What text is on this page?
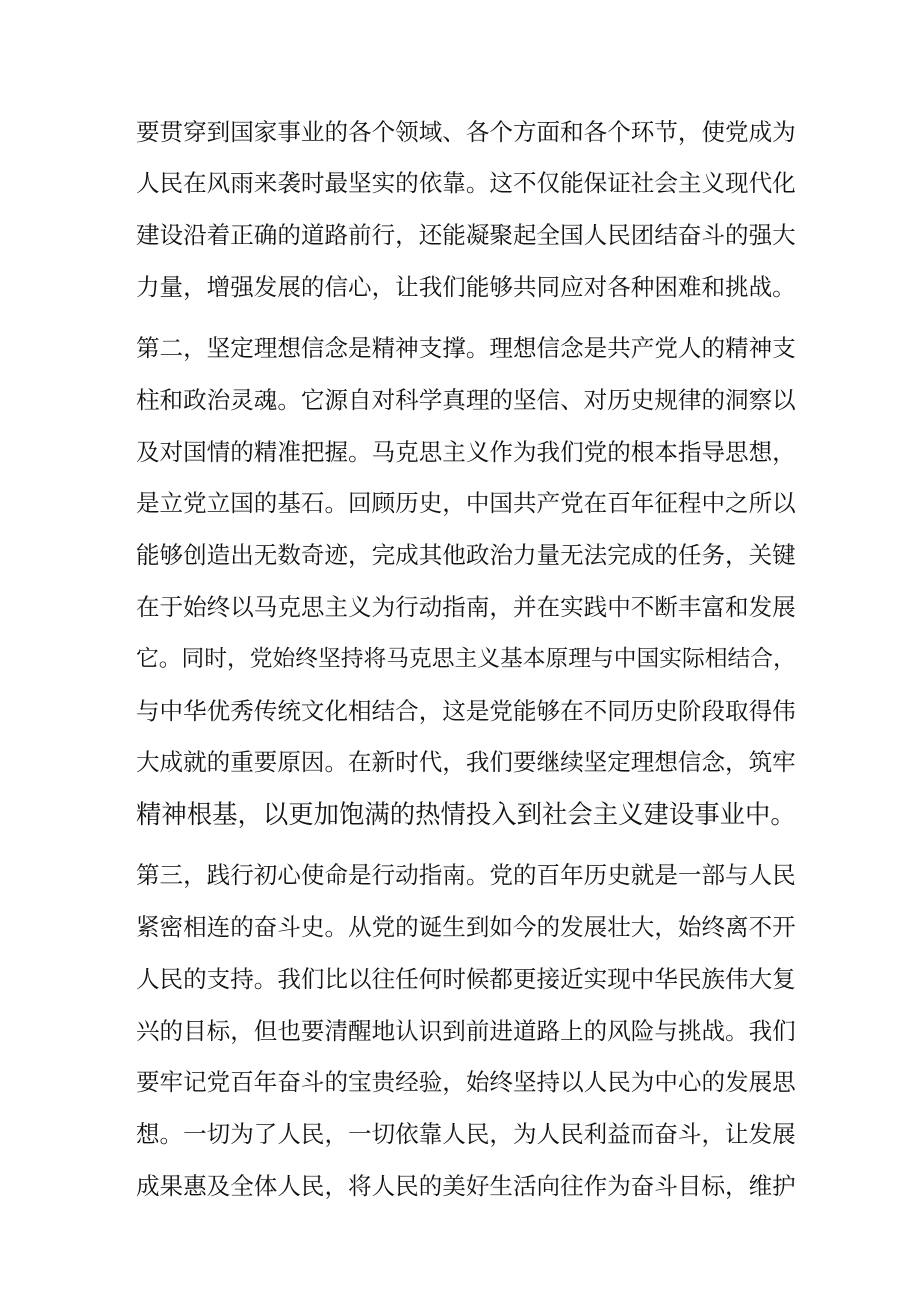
要贯穿到国家事业的各个领域、各个方面和各个环节，使党成为
人民在风雨来袭时最坚实的依靠。这不仅能保证社会主义现代化
建设沿着正确的道路前行，还能凝聚起全国人民团结奋斗的强大
力量，增强发展的信心，让我们能够共同应对各种困难和挑战。
第二，坚定理想信念是精神支撑。理想信念是共产党人的精神支
柱和政治灵魂。它源自对科学真理的坚信、对历史规律的洞察以
及对国情的精准把握。马克思主义作为我们党的根本指导思想，
是立党立国的基石。回顾历史，中国共产党在百年征程中之所以
能够创造出无数奇迹，完成其他政治力量无法完成的任务，关键
在于始终以马克思主义为行动指南，并在实践中不断丰富和发展
它。同时，党始终坚持将马克思主义基本原理与中国实际相结合，
与中华优秀传统文化相结合，这是党能够在不同历史阶段取得伟
大成就的重要原因。在新时代，我们要继续坚定理想信念，筑牢
精神根基，以更加饱满的热情投入到社会主义建设事业中。
第三，践行初心使命是行动指南。党的百年历史就是一部与人民
紧密相连的奋斗史。从党的诞生到如今的发展壮大，始终离不开
人民的支持。我们比以往任何时候都更接近实现中华民族伟大复
兴的目标，但也要清醒地认识到前进道路上的风险与挑战。我们
要牢记党百年奋斗的宝贵经验，始终坚持以人民为中心的发展思
想。一切为了人民，一切依靠人民，为人民利益而奋斗，让发展
成果惠及全体人民，将人民的美好生活向往作为奋斗目标，维护
